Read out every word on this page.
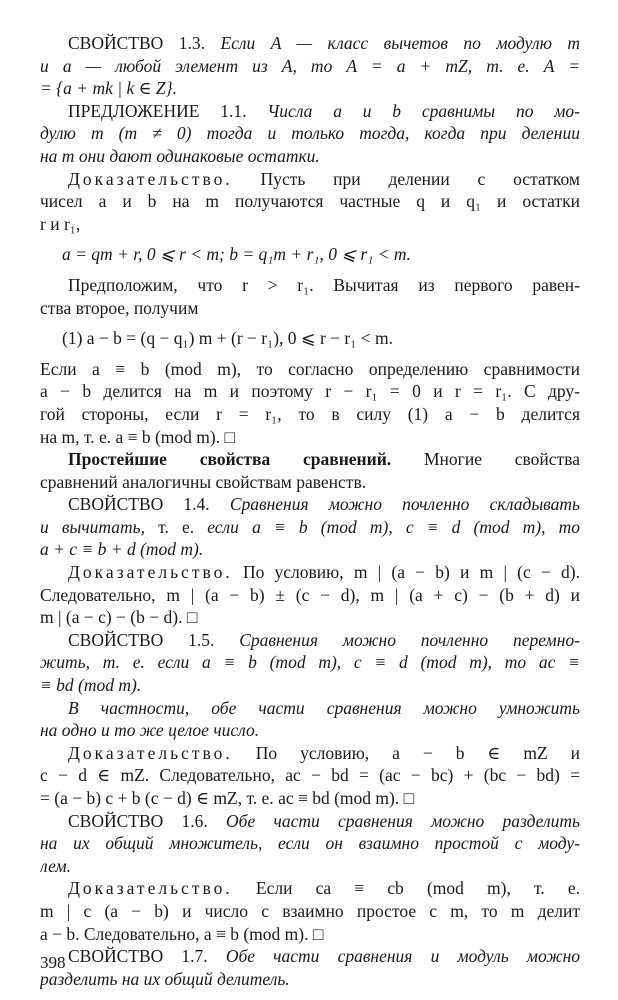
СВОЙСТВО 1.3. Если A — класс вычетов по модулю m
и a — любой элемент из A, то A = a + mZ, т. е. A =
= {a + mk | k ∈ Z}.
ПРЕДЛОЖЕНИЕ 1.1. Числа a и b сравнимы по мо-
дулю m (m ≠ 0) тогда и только тогда, когда при делении
на m они дают одинаковые остатки.
Доказательство. Пусть при делении с остатком
чисел a и b на m получаются частные q и q₁ и остатки
r и r₁,
a = qm + r, 0 ⩽ r < m; b = q₁m + r₁, 0 ⩽ r₁ < m.
Предположим, что r > r₁. Вычитая из первого равен-
ства второе, получим
(1) a − b = (q − q₁) m + (r − r₁), 0 ⩽ r − r₁ < m.
Если a ≡ b (mod m), то согласно определению сравнимости
a − b делится на m и поэтому r − r₁ = 0 и r = r₁. С дру-
гой стороны, если r = r₁, то в силу (1) a − b делится
на m, т. е. a ≡ b (mod m). □
Простейшие свойства сравнений. Многие свойства
сравнений аналогичны свойствам равенств.
СВОЙСТВО 1.4. Сравнения можно почленно складывать
и вычитать, т. е. если a ≡ b (mod m), c ≡ d (mod m), то
a + c ≡ b + d (mod m).
Доказательство. По условию, m | (a − b) и m | (c − d).
Следовательно, m | (a − b) ± (c − d), m | (a + c) − (b + d) и
m | (a − c) − (b − d). □
СВОЙСТВО 1.5. Сравнения можно почленно перемно-
жить, т. е. если a ≡ b (mod m), c ≡ d (mod m), то ac ≡
≡ bd (mod m).
В частности, обе части сравнения можно умножить
на одно и то же целое число.
Доказательство. По условию, a − b ∈ mZ и
c − d ∈ mZ. Следовательно, ac − bd = (ac − bc) + (bc − bd) =
= (a − b) c + b (c − d) ∈ mZ, т. е. ac ≡ bd (mod m). □
СВОЙСТВО 1.6. Обе части сравнения можно разделить
на их общий множитель, если он взаимно простой с моду-
лем.
Доказательство. Если ca ≡ cb (mod m), т. е.
m | c (a − b) и число c взаимно простое с m, то m делит
a − b. Следовательно, a ≡ b (mod m). □
СВОЙСТВО 1.7. Обе части сравнения и модуль можно
разделить на их общий делитель.
398
